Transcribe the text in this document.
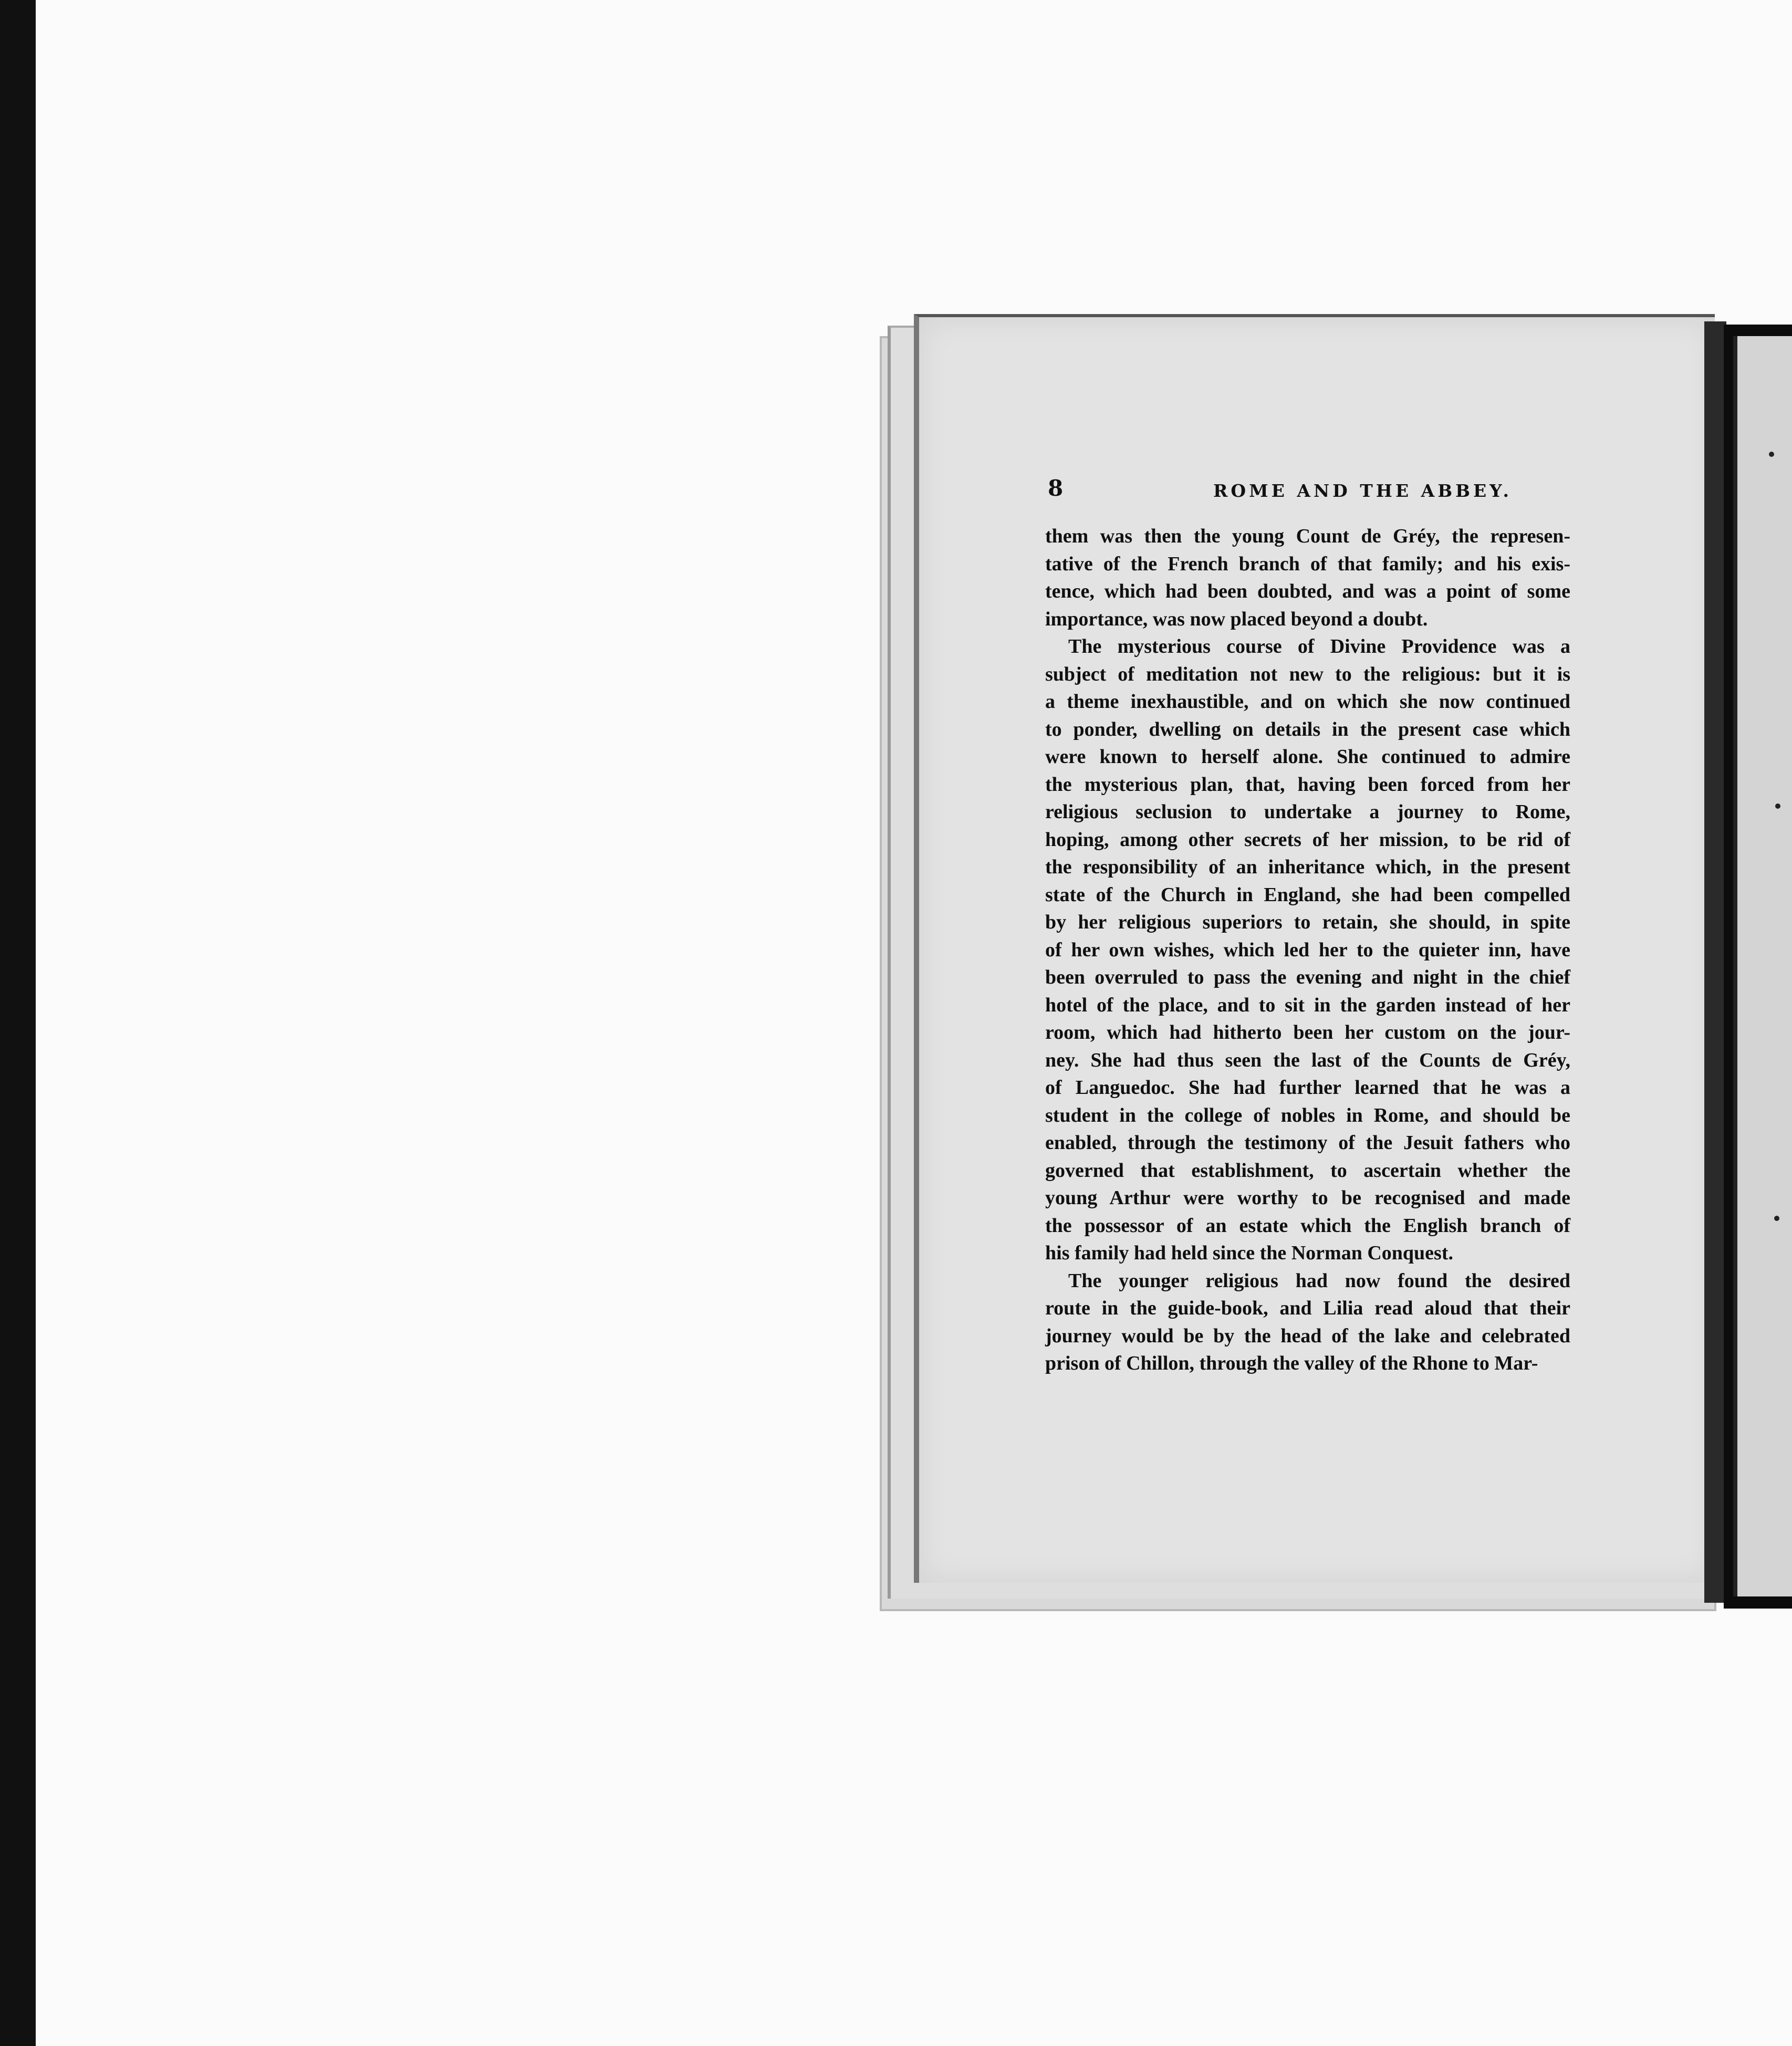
ÿ
8	ROME AND THE ABBEY.
them was then the young Count de Gréy, the represen-
tative of the French branch of that family; and his exis-
tence, which had been doubted, and was a point of some
importance, was now placed beyond a doubt.
The mysterious course of Divine Providence was a
subject of meditation not new to the religious: but it is
a theme inexhaustible, and on which she now continued
to ponder, dwelling on details in the present case which
were known to herself alone. She continued to admire
the mysterious plan, that, having been forced from her
religious seclusion to undertake a journey to Rome,
hoping, among other secrets of her mission, to be rid of
the responsibility of an inheritance which, in the present
state of the Church in England, she had been compelled
by her religious superiors to retain, she should, in spite
of her own wishes, which led her to the quieter inn, have
been overruled to pass the evening and night in the chief
hotel of the place, and to sit in the garden instead of her
room, which had hitherto been her custom on the jour-
ney. She had thus seen the last of the Counts de Gréy,
of Languedoc. She had further learned that he was a
student in the college of nobles in Rome, and should be
enabled, through the testimony of the Jesuit fathers who
governed that establishment, to ascertain whether the
young Arthur were worthy to be recognised and made
the possessor of an estate which the English branch of
his family had held since the Norman Conquest.
The younger religious had now found the desired
route in the guide-book, and Lilia read aloud that their
journey would be by the head of the lake and celebrated
prison of Chillon, through the valley of the Rhone to Mar-
